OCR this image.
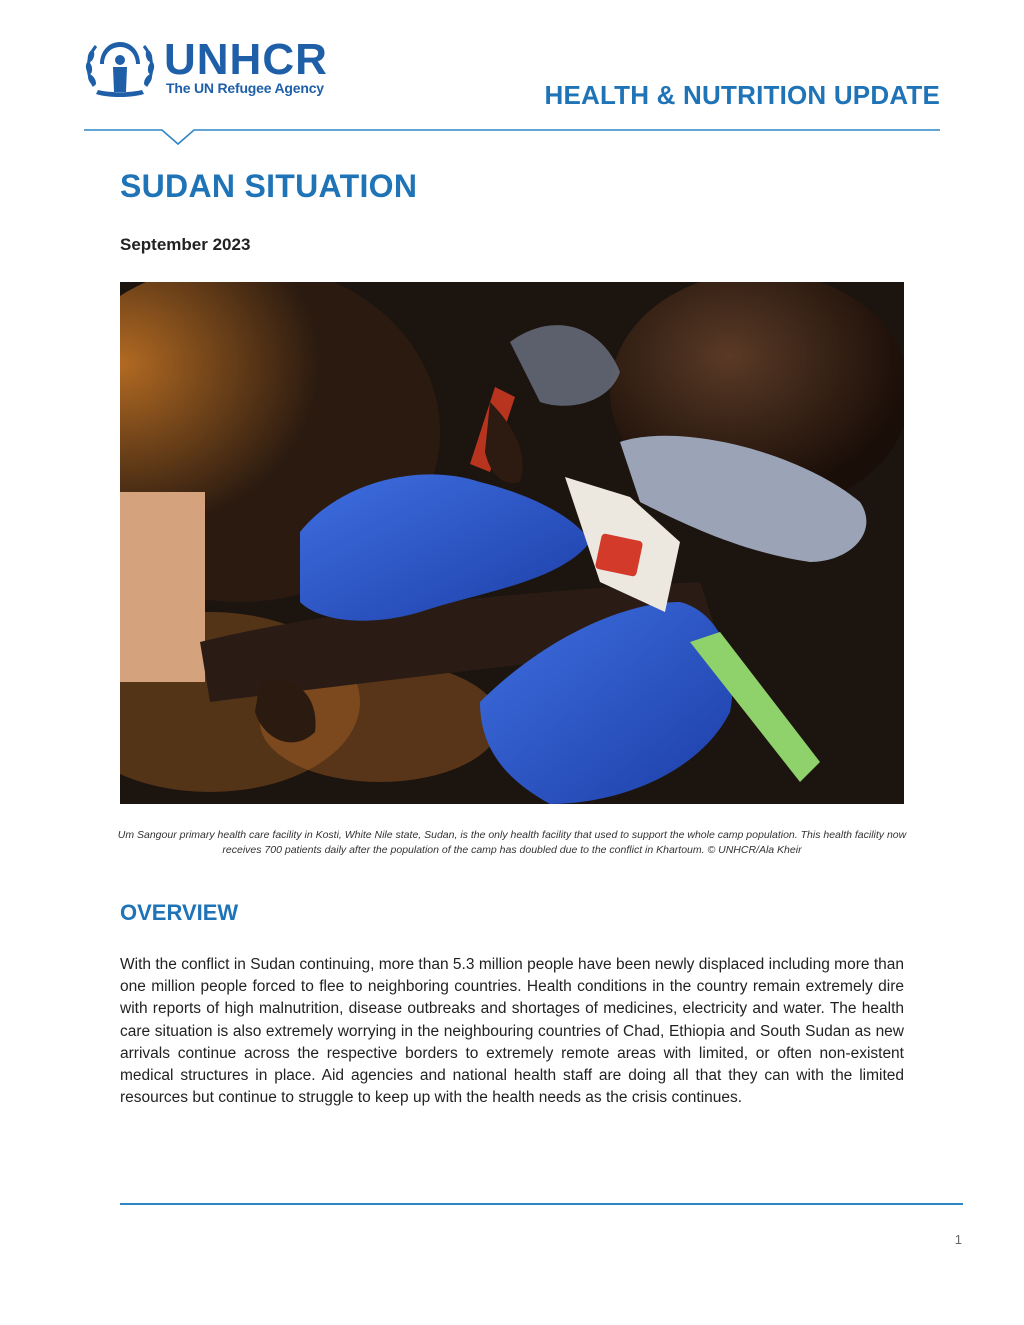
UNHCR
The UN Refugee Agency	HEALTH & NUTRITION UPDATE
SUDAN SITUATION
September 2023
Um Sangour primary health care facility in Kosti, White Nile state, Sudan, is the only health facility that used to support the whole camp population. This health facility now receives 700 patients daily after the population of the camp has doubled due to the conflict in Khartoum. © UNHCR/Ala Kheir
OVERVIEW

With the conflict in Sudan continuing, more than 5.3 million people have been newly displaced including more than one million people forced to flee to neighboring countries. Health conditions in the country remain extremely dire with reports of high malnutrition, disease outbreaks and shortages of medicines, electricity and water. The health care situation is also extremely worrying in the neighbouring countries of Chad, Ethiopia and South Sudan as new arrivals continue across the respective borders to extremely remote areas with limited, or often non-existent medical structures in place. Aid agencies and national health staff are doing all that they can with the limited resources but continue to struggle to keep up with the health needs as the crisis continues.

1
